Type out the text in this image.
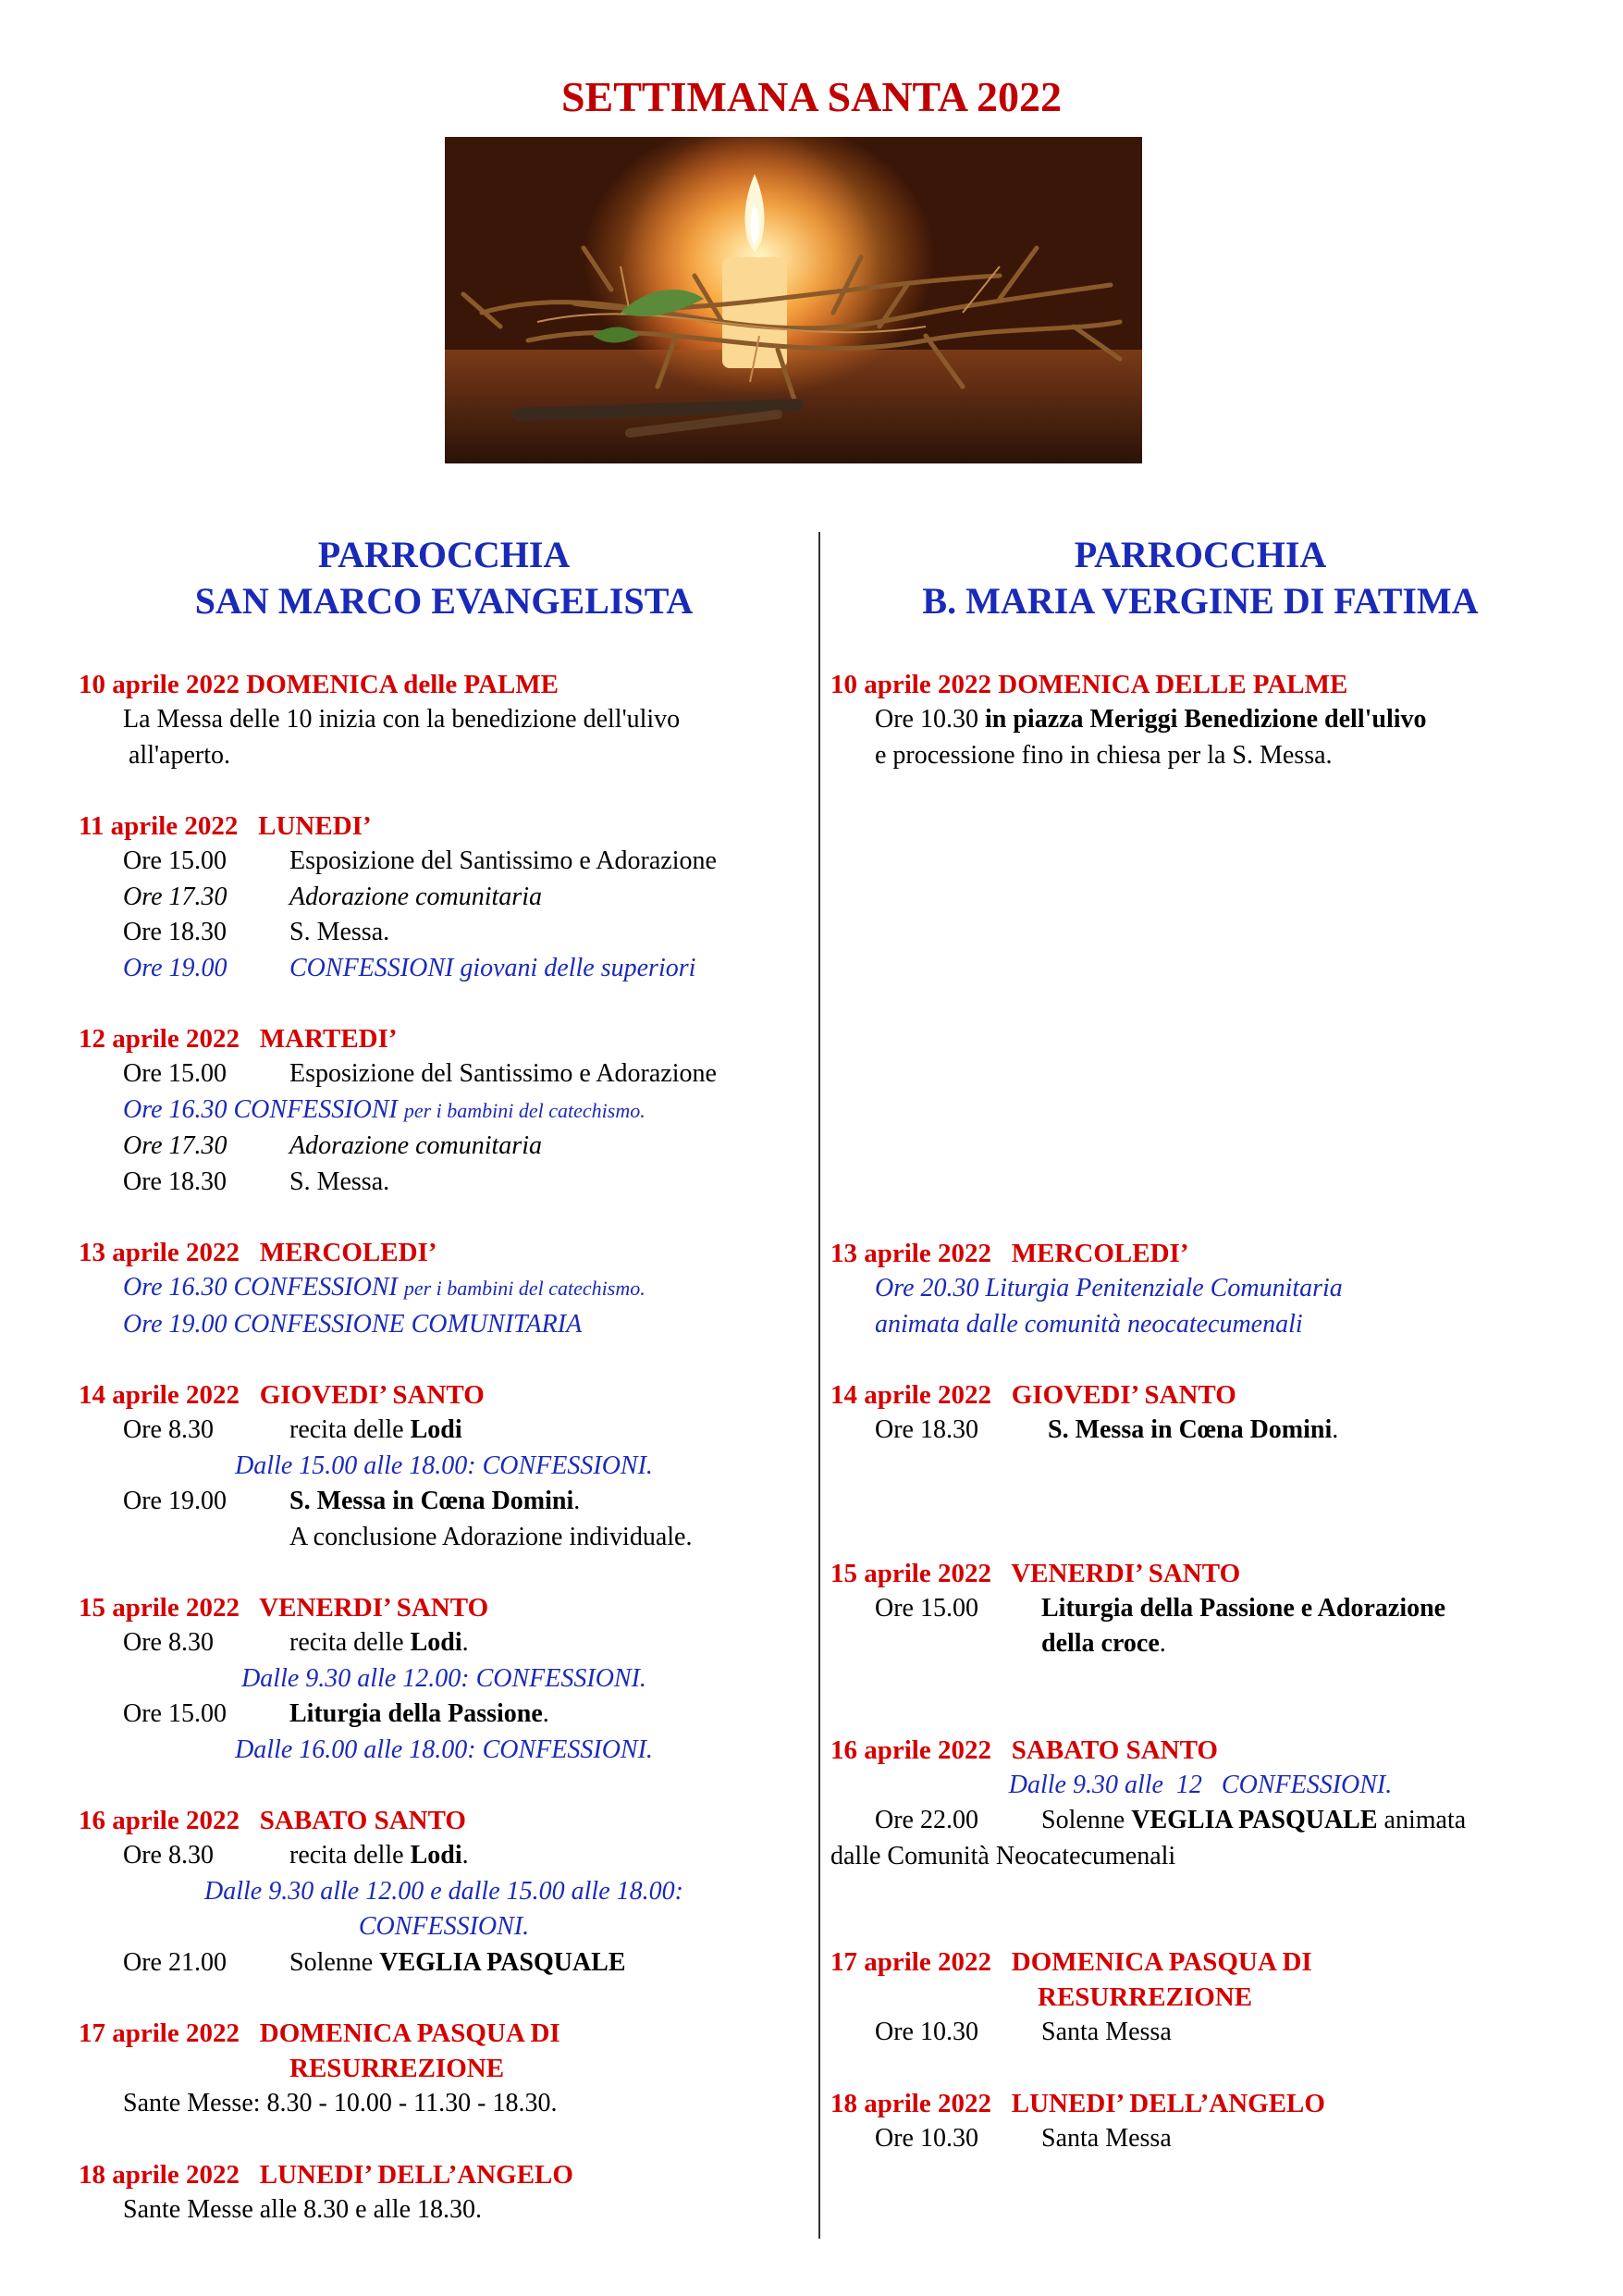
SETTIMANA SANTA 2022
PARROCCHIA
SAN MARCO EVANGELISTA
10 aprile 2022 DOMENICA delle PALME
La Messa delle 10 inizia con la benedizione dell'ulivo
all'aperto.
11 aprile 2022 LUNEDI’
Ore 15.00 Esposizione del Santissimo e Adorazione
Ore 17.30 Adorazione comunitaria
Ore 18.30 S. Messa.
Ore 19.00 CONFESSIONI giovani delle superiori
12 aprile 2022 MARTEDI’
Ore 15.00 Esposizione del Santissimo e Adorazione
Ore 16.30 CONFESSIONI per i bambini del catechismo.
Ore 17.30 Adorazione comunitaria
Ore 18.30 S. Messa.
13 aprile 2022 MERCOLEDI’
Ore 16.30 CONFESSIONI per i bambini del catechismo.
Ore 19.00 CONFESSIONE COMUNITARIA
14 aprile 2022 GIOVEDI’ SANTO
Ore 8.30	recita delle Lodi
Dalle 15.00 alle 18.00: CONFESSIONI.
Ore 19.00 S. Messa in Cœna Domini.
A conclusione Adorazione individuale.
15 aprile 2022 VENERDI’ SANTO
Ore 8.30	recita delle Lodi.
Dalle 9.30 alle 12.00: CONFESSIONI.
Ore 15.00 Liturgia della Passione.
Dalle 16.00 alle 18.00: CONFESSIONI.
16 aprile 2022 SABATO SANTO
Ore 8.30	recita delle Lodi.
Dalle 9.30 alle 12.00 e dalle 15.00 alle 18.00:
CONFESSIONI.
Ore 21.00 Solenne VEGLIA PASQUALE
17 aprile 2022 DOMENICA PASQUA DI
RESURREZIONE
Sante Messe: 8.30 - 10.00 - 11.30 - 18.30.
18 aprile 2022 LUNEDI’ DELL’ANGELO
Sante Messe alle 8.30 e alle 18.30.
PARROCCHIA
B. MARIA VERGINE DI FATIMA
10 aprile 2022 DOMENICA DELLE PALME
Ore 10.30 in piazza Meriggi Benedizione dell'ulivo
e processione fino in chiesa per la S. Messa.
13 aprile 2022 MERCOLEDI’
Ore 20.30 Liturgia Penitenziale Comunitaria
animata dalle comunità neocatecumenali
14 aprile 2022 GIOVEDI’ SANTO
Ore 18.30	S. Messa in Cœna Domini.
15 aprile 2022 VENERDI’ SANTO
Ore 15.00 Liturgia della Passione e Adorazione
della croce.
16 aprile 2022 SABATO SANTO
Dalle 9.30 alle  12   CONFESSIONI.
Ore 22.00 Solenne VEGLIA PASQUALE animata
dalle Comunità Neocatecumenali
17 aprile 2022 DOMENICA PASQUA DI
RESURREZIONE
Ore 10.30 Santa Messa
18 aprile 2022 LUNEDI’ DELL’ANGELO
Ore 10.30 Santa Messa
